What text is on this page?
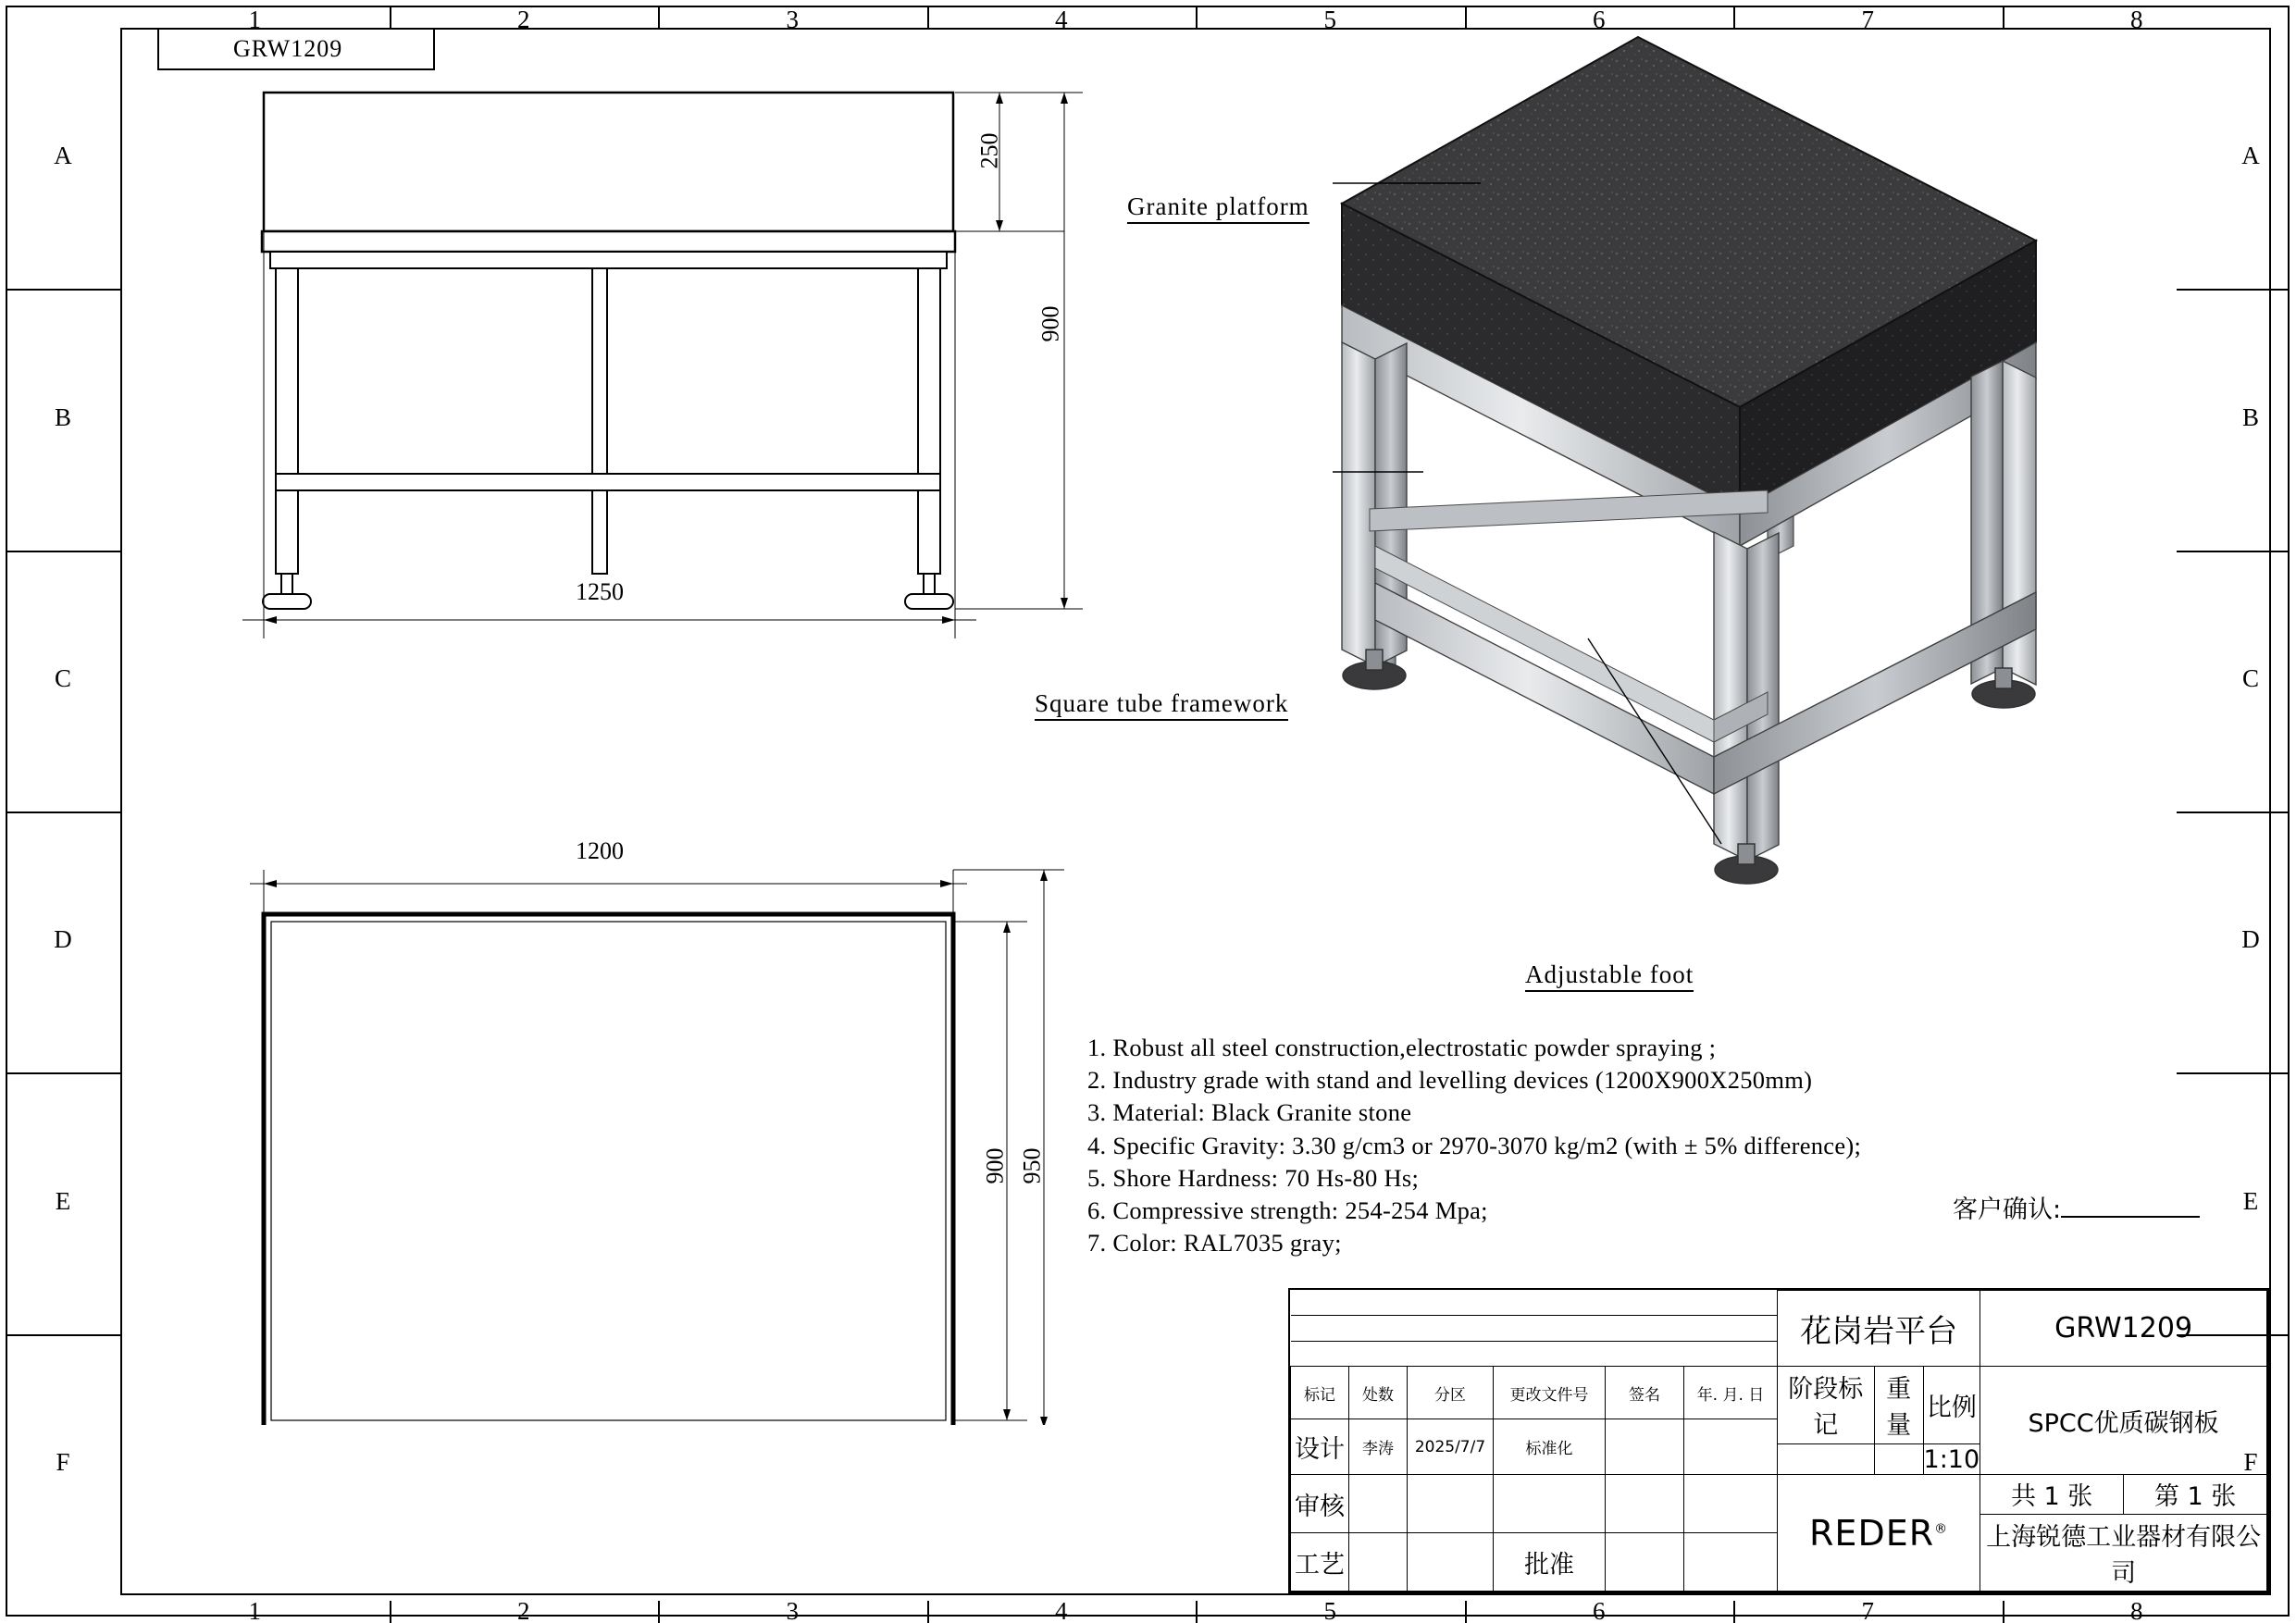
1	2	3	4	5	6	7	8
1	2	3	4	5	6	7	8
A
B
C
D
E
F
A
B
C
D
E
F
GRW1209
250
900
1250
1200
900 950
Granite platform
Square tube framework
Adjustable foot
1. Robust all steel construction,electrostatic powder spraying ;
2. Industry grade with stand and levelling devices (1200X900X250mm)
3. Material: Black Granite stone
4. Specific Gravity: 3.30 g/cm3 or 2970-3070 kg/m2 (with ± 5% difference);
5. Shore Hardness: 70 Hs-80 Hs;
6. Compressive strength: 254-254 Mpa;
7. Color: RAL7035 gray;
客户确认:
	花岗岩平台	GRW1209

标记	处数	分区	更改文件号	签名	年. 月. 日	阶段标记	重量	比例
		1:10
	SPCC优质碳钢板
设计	李涛	2025/7/7	标准化		
审核						REDER®	
共 1 张	第 1 张
上海锐德工业器材有限公司

工艺			批准		
